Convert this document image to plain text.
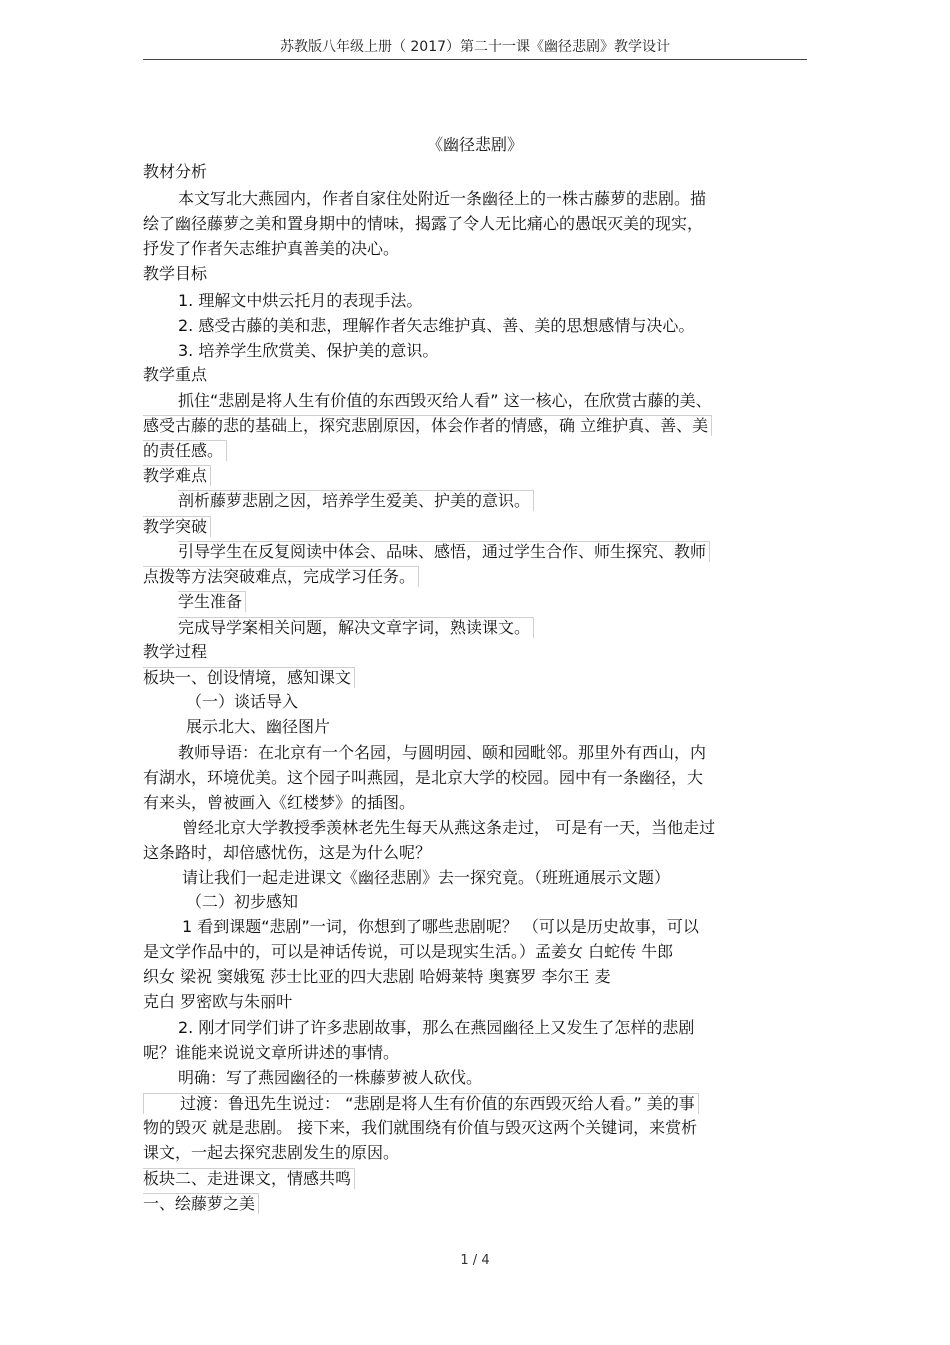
苏教版八年级上册（ 2017）第二十一课《幽径悲剧》教学设计
《幽径悲剧》
教材分析
本文写北大燕园内，作者自家住处附近一条幽径上的一株古藤萝的悲剧。描
绘了幽径藤萝之美和置身期中的情味，揭露了令人无比痛心的愚氓灭美的现实，
抒发了作者矢志维护真善美的决心。
教学目标
1. 理解文中烘云托月的表现手法。
2. 感受古藤的美和悲，理解作者矢志维护真、善、美的思想感情与决心。
3. 培养学生欣赏美、保护美的意识。
教学重点
抓住“悲剧是将人生有价值的东西毁灭给人看” 这一核心，在欣赏古藤的美、
感受古藤的悲的基础上，探究悲剧原因，体会作者的情感，确 立维护真、善、美
的责任感。
教学难点
剖析藤萝悲剧之因，培养学生爱美、护美的意识。
教学突破
引导学生在反复阅读中体会、品味、感悟，通过学生合作、师生探究、教师
点拨等方法突破难点，完成学习任务。
学生准备
完成导学案相关问题，解决文章字词，熟读课文。
教学过程
板块一、创设情境，感知课文
（一）谈话导入
展示北大、幽径图片
教师导语：在北京有一个名园，与圆明园、颐和园毗邻。那里外有西山，内
有湖水，环境优美。这个园子叫燕园，是北京大学的校园。园中有一条幽径，大
有来头，曾被画入《红楼梦》的插图。
曾经北京大学教授季羡林老先生每天从燕这条走过， 可是有一天，当他走过
这条路时，却倍感忧伤，这是为什么呢？
请让我们一起走进课文《幽径悲剧》去一探究竟。（班班通展示文题）
（二）初步感知
1 看到课题“悲剧”一词，你想到了哪些悲剧呢？ （可以是历史故事，可以
是文学作品中的，可以是神话传说，可以是现实生活。）孟姜女 白蛇传 牛郎
织女 梁祝 窦娥冤 莎士比亚的四大悲剧 哈姆莱特 奥赛罗 李尔王 麦
克白 罗密欧与朱丽叶
2. 刚才同学们讲了许多悲剧故事，那么在燕园幽径上又发生了怎样的悲剧
呢？谁能来说说文章所讲述的事情。
明确：写了燕园幽径的一株藤萝被人砍伐。
过渡：鲁迅先生说过： “悲剧是将人生有价值的东西毁灭给人看。” 美的事
物的毁灭 就是悲剧。 接下来，我们就围绕有价值与毁灭这两个关键词，来赏析
课文，一起去探究悲剧发生的原因。
板块二、走进课文，情感共鸣
一、绘藤萝之美
1 / 4
